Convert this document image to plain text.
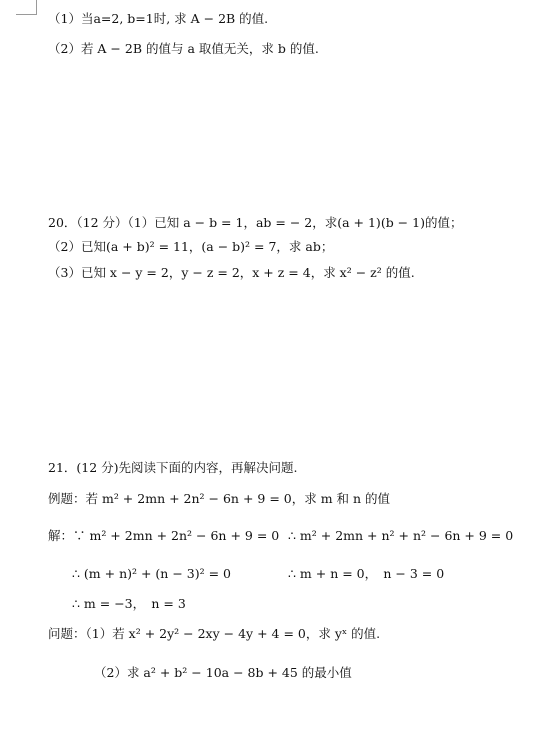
（1）当a=2, b=1时, 求 A − 2B 的值.
（2）若 A − 2B 的值与 a 取值无关，求 b 的值.
20．（12 分）（1）已知 a − b = 1，ab = − 2，求(a + 1)(b − 1)的值；
（2）已知(a + b)² = 11，(a − b)² = 7，求 ab；
（3）已知 x − y = 2，y − z = 2，x + z = 4，求 x² − z² 的值.
21．(12 分)先阅读下面的内容，再解决问题.
例题：若 m² + 2mn + 2n² − 6n + 9 = 0，求 m 和 n 的值
解：∵ m² + 2mn + 2n² − 6n + 9 = 0 ∴ m² + 2mn + n² + n² − 6n + 9 = 0
∴ (m + n)² + (n − 3)² = 0	∴ m + n = 0，　n − 3 = 0
∴ m = −3，　n = 3
问题：（1）若 x² + 2y² − 2xy − 4y + 4 = 0，求 yˣ 的值.
（2）求 a² + b² − 10a − 8b + 45 的最小值
